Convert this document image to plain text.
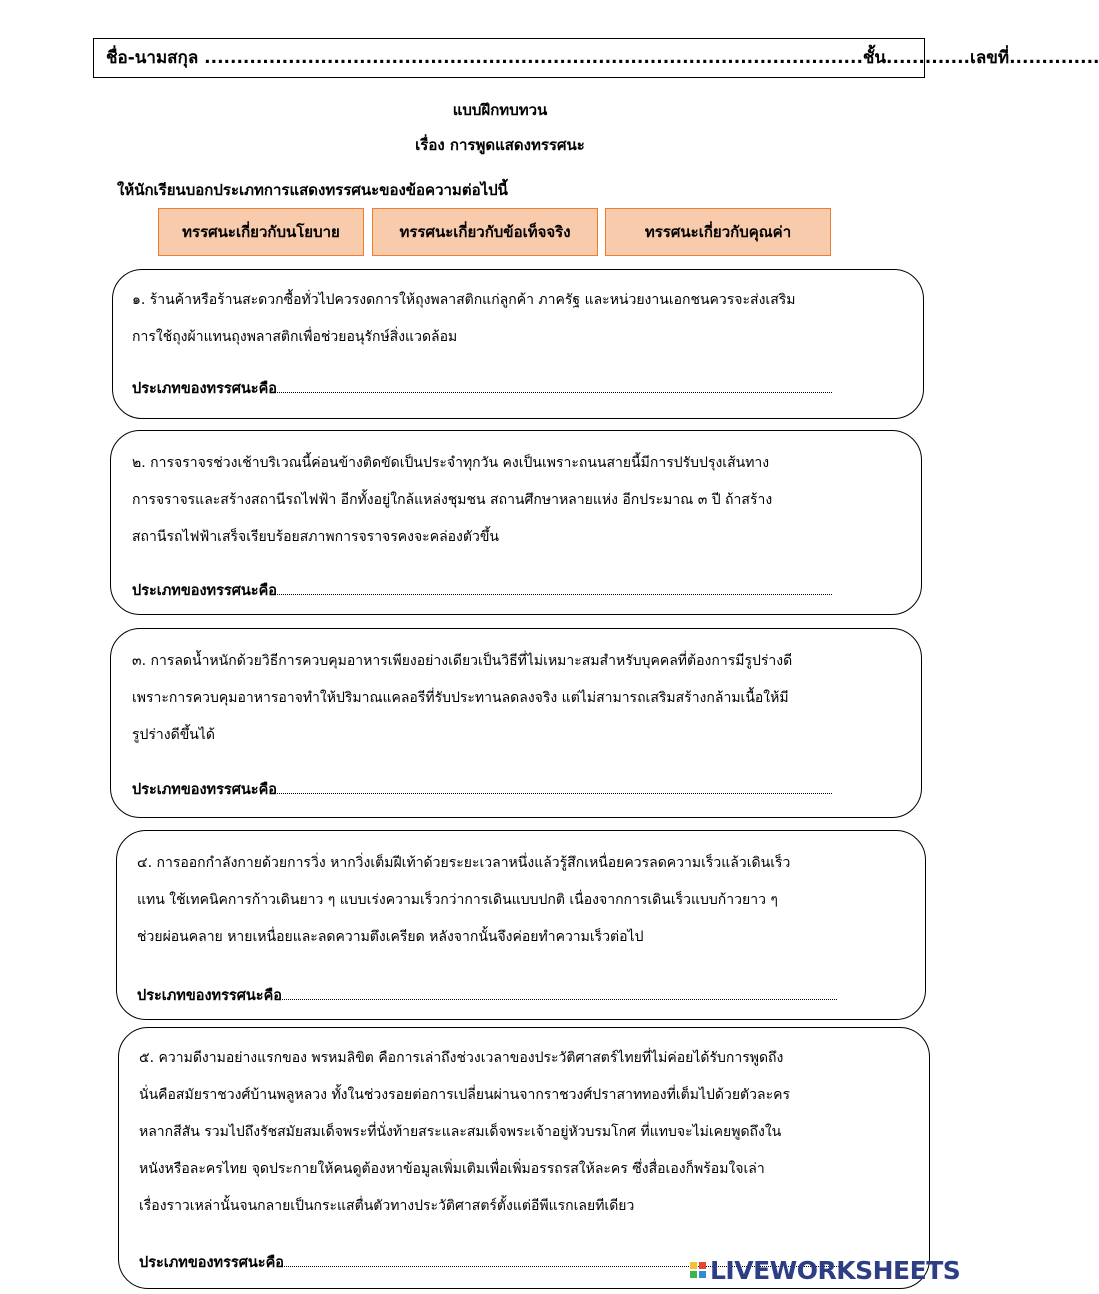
ชื่อ-นามสกุล ......................................................................................................ชั้น.............เลขที่..............
แบบฝึกทบทวน
เรื่อง การพูดแสดงทรรศนะ
ให้นักเรียนบอกประเภทการแสดงทรรศนะของข้อความต่อไปนี้
ทรรศนะเกี่ยวกับนโยบาย	ทรรศนะเกี่ยวกับข้อเท็จจริง	ทรรศนะเกี่ยวกับคุณค่า
๑. ร้านค้าหรือร้านสะดวกซื้อทั่วไปควรงดการให้ถุงพลาสติกแก่ลูกค้า ภาครัฐ และหน่วยงานเอกชนควรจะส่งเสริม
การใช้ถุงผ้าแทนถุงพลาสติกเพื่อช่วยอนุรักษ์สิ่งแวดล้อม
ประเภทของทรรศนะคือ
๒. การจราจรช่วงเช้าบริเวณนี้ค่อนข้างติดขัดเป็นประจำทุกวัน คงเป็นเพราะถนนสายนี้มีการปรับปรุงเส้นทาง
การจราจรและสร้างสถานีรถไฟฟ้า อีกทั้งอยู่ใกล้แหล่งชุมชน สถานศึกษาหลายแห่ง อีกประมาณ ๓ ปี ถ้าสร้าง
สถานีรถไฟฟ้าเสร็จเรียบร้อยสภาพการจราจรคงจะคล่องตัวขึ้น
ประเภทของทรรศนะคือ
๓. การลดน้ำหนักด้วยวิธีการควบคุมอาหารเพียงอย่างเดียวเป็นวิธีที่ไม่เหมาะสมสำหรับบุคคลที่ต้องการมีรูปร่างดี
เพราะการควบคุมอาหารอาจทำให้ปริมาณแคลอรีที่รับประทานลดลงจริง แต่ไม่สามารถเสริมสร้างกล้ามเนื้อให้มี
รูปร่างดีขึ้นได้
ประเภทของทรรศนะคือ
๔. การออกกำลังกายด้วยการวิ่ง หากวิ่งเต็มฝีเท้าด้วยระยะเวลาหนึ่งแล้วรู้สึกเหนื่อยควรลดความเร็วแล้วเดินเร็ว
แทน ใช้เทคนิคการก้าวเดินยาว ๆ แบบเร่งความเร็วกว่าการเดินแบบปกติ เนื่องจากการเดินเร็วแบบก้าวยาว ๆ
ช่วยผ่อนคลาย หายเหนื่อยและลดความตึงเครียด หลังจากนั้นจึงค่อยทำความเร็วต่อไป
ประเภทของทรรศนะคือ
๕. ความดีงามอย่างแรกของ พรหมลิขิต คือการเล่าถึงช่วงเวลาของประวัติศาสตร์ไทยที่ไม่ค่อยได้รับการพูดถึง
นั่นคือสมัยราชวงศ์บ้านพลูหลวง ทั้งในช่วงรอยต่อการเปลี่ยนผ่านจากราชวงศ์ปราสาททองที่เต็มไปด้วยตัวละคร
หลากสีสัน รวมไปถึงรัชสมัยสมเด็จพระที่นั่งท้ายสระและสมเด็จพระเจ้าอยู่หัวบรมโกศ ที่แทบจะไม่เคยพูดถึงใน
หนังหรือละครไทย จุดประกายให้คนดูต้องหาข้อมูลเพิ่มเติมเพื่อเพิ่มอรรถรสให้ละคร ซึ่งสื่อเองก็พร้อมใจเล่า
เรื่องราวเหล่านั้นจนกลายเป็นกระแสตื่นตัวทางประวัติศาสตร์ตั้งแต่อีพีแรกเลยทีเดียว
ประเภทของทรรศนะคือ	LIVEWORKSHEETS
